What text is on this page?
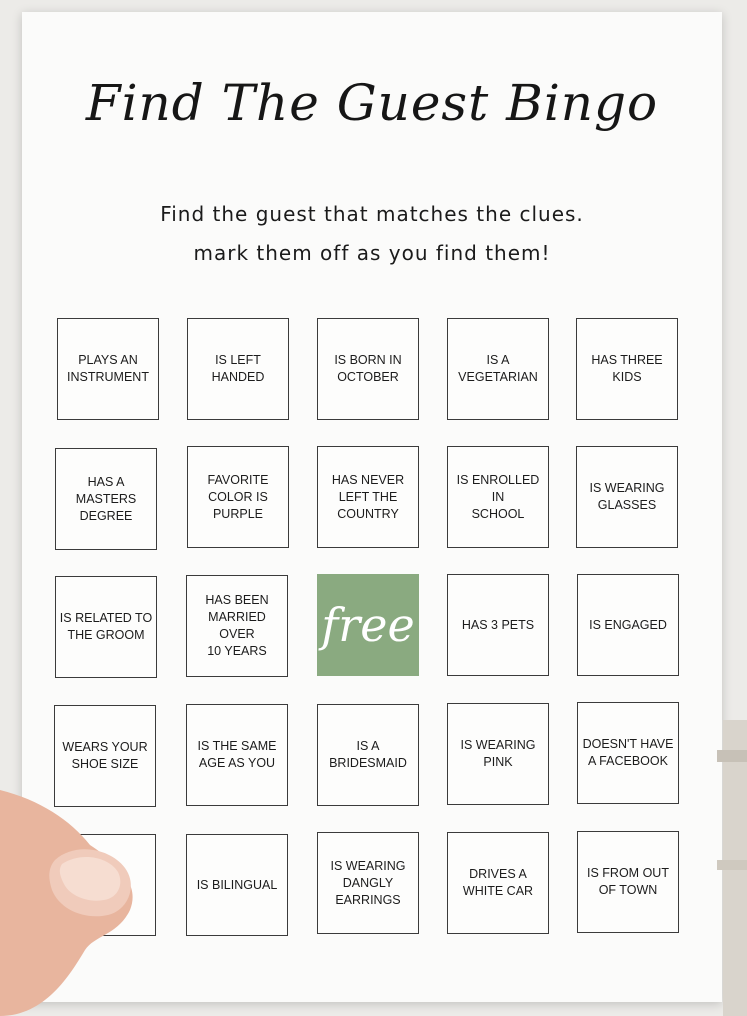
Find The Guest Bingo
Find the guest that matches the clues.
mark them off as you find them!
PLAYS AN
INSTRUMENT
IS LEFT
HANDED
IS BORN IN
OCTOBER
IS A
VEGETARIAN
HAS THREE
KIDS
HAS A MASTERS
DEGREE
FAVORITE
COLOR IS
PURPLE
HAS NEVER
LEFT THE
COUNTRY
IS ENROLLED IN
SCHOOL
IS WEARING
GLASSES
IS RELATED TO
THE GROOM
HAS BEEN
MARRIED OVER
10 YEARS	free	HAS 3 PETS	IS ENGAGED
WEARS YOUR
SHOE SIZE
IS THE SAME
AGE AS YOU
IS A
BRIDESMAID
IS WEARING
PINK
DOESN'T HAVE
A FACEBOOK
IS BILINGUAL
IS WEARING
DANGLY
EARRINGS
DRIVES A
WHITE CAR
IS FROM OUT
OF TOWN
